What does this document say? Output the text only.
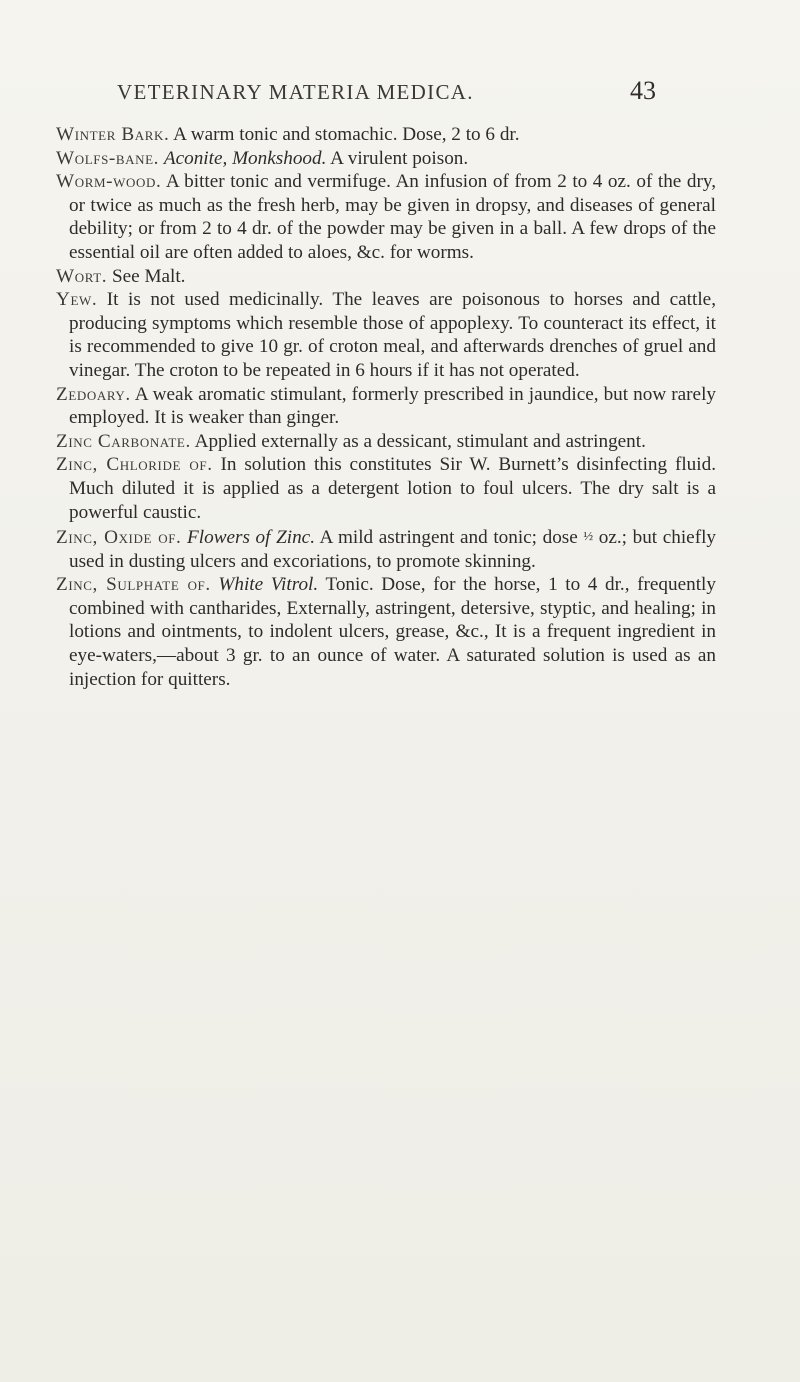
VETERINARY MATERIA MEDICA.	43

Winter Bark. A warm tonic and stomachic. Dose, 2 to 6 dr.

Wolfs-bane. Aconite, Monkshood. A virulent poison.

Worm-wood. A bitter tonic and vermifuge. An infusion of from 2 to 4 oz. of the dry, or twice as much as the fresh herb, may be given in dropsy, and diseases of general debility; or from 2 to 4 dr. of the powder may be given in a ball. A few drops of the essential oil are often added to aloes, &c. for worms.

Wort. See Malt.

Yew. It is not used medicinally. The leaves are poisonous to horses and cattle, producing symptoms which resemble those of appoplexy. To counteract its effect, it is recommended to give 10 gr. of croton meal, and afterwards drenches of gruel and vinegar. The croton to be repeated in 6 hours if it has not operated.

Zedoary. A weak aromatic stimulant, formerly prescribed in jaundice, but now rarely employed. It is weaker than ginger.

Zinc Carbonate. Applied externally as a dessicant, stimulant and astringent.

Zinc, Chloride of. In solution this constitutes Sir W. Burnett’s disinfecting fluid. Much diluted it is applied as a detergent lotion to foul ulcers. The dry salt is a powerful caustic.

Zinc, Oxide of. Flowers of Zinc. A mild astringent and tonic; dose ½ oz.; but chiefly used in dusting ulcers and excoriations, to promote skinning.

Zinc, Sulphate of. White Vitrol. Tonic. Dose, for the horse, 1 to 4 dr., frequently combined with cantharides, Externally, astringent, detersive, styptic, and healing; in lotions and ointments, to indolent ulcers, grease, &c., It is a frequent ingredient in eye-waters,—about 3 gr. to an ounce of water. A saturated solution is used as an injection for quitters.
